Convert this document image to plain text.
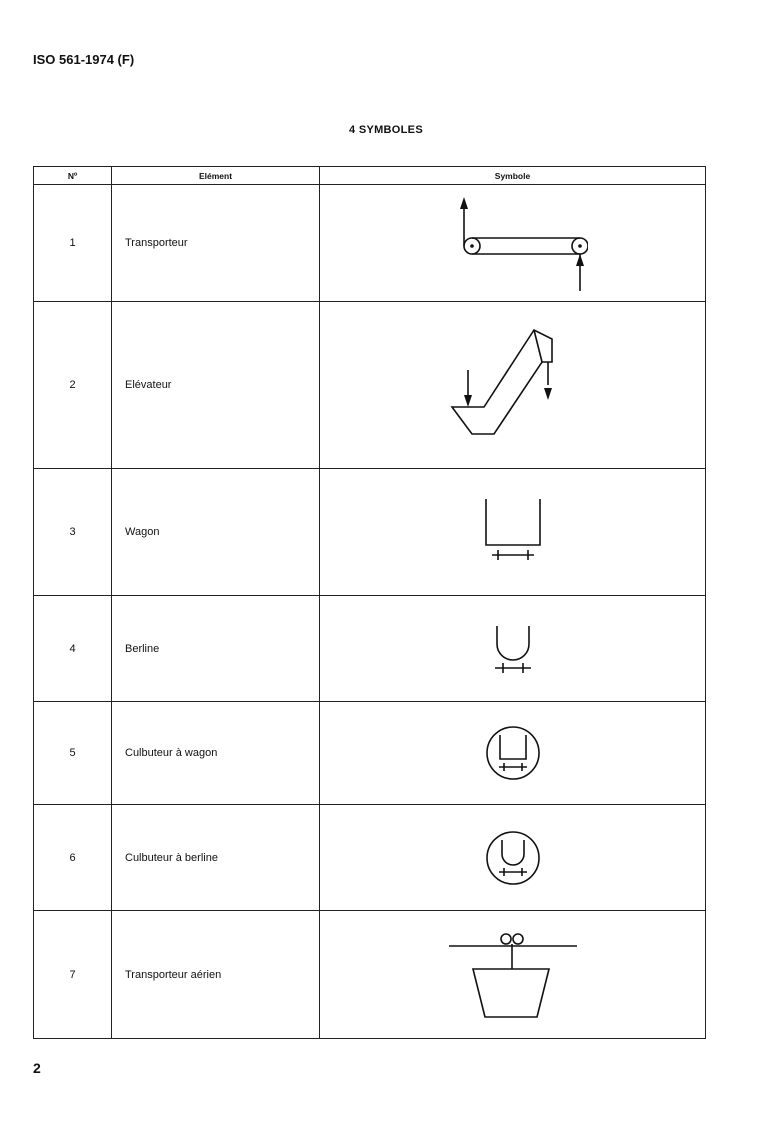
ISO 561-1974 (F)
4 SYMBOLES
Nº	Elément	Symbole
1	Transporteur	

2	Elévateur	

3	Wagon	

4	Berline	

5	Culbuteur à wagon	

6	Culbuteur à berline	

7	Transporteur aérien	
2
